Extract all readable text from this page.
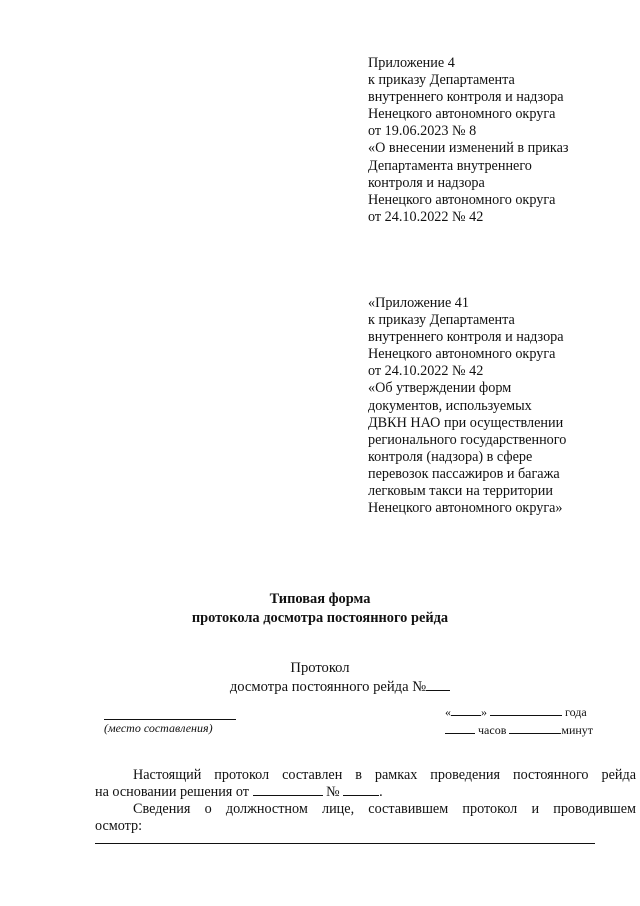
Приложение 4
к приказу Департамента
внутреннего контроля и надзора
Ненецкого автономного округа
от 19.06.2023 № 8
«О внесении изменений в приказ
Департамента внутреннего
контроля и надзора
Ненецкого автономного округа
от 24.10.2022 № 42
«Приложение 41
к приказу Департамента
внутреннего контроля и надзора
Ненецкого автономного округа
от 24.10.2022 № 42
«Об утверждении форм
документов, используемых
ДВКН НАО при осуществлении
регионального государственного
контроля (надзора) в сфере
перевозок пассажиров и багажа
легковым такси на территории
Ненецкого автономного округа»
Типовая форма
протокола досмотра постоянного рейда
Протокол
досмотра постоянного рейда №
(место составления)
«	»	года
часов	минут
Настоящий протокол составлен в рамках проведения постоянного рейда
на основании решения от	№	.
Сведения о должностном лице, составившем протокол и проводившем
осмотр:
